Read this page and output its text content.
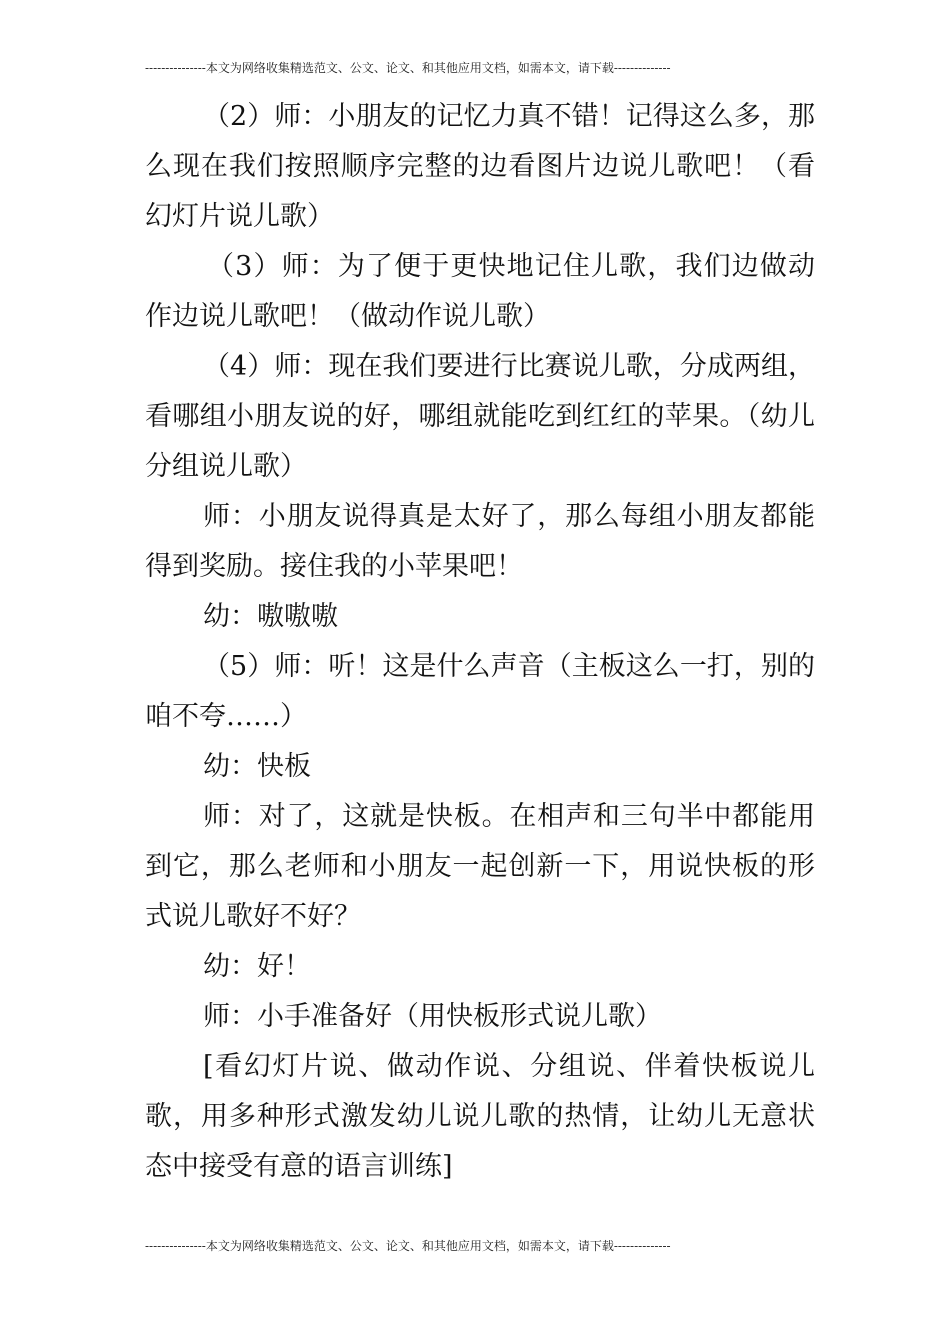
---------------本文为网络收集精选范文、公文、论文、和其他应用文档，如需本文，请下载--------------

（2）师：小朋友的记忆力真不错！记得这么多，那么现在我们按照顺序完整的边看图片边说儿歌吧！（看幻灯片说儿歌）

（3）师：为了便于更快地记住儿歌，我们边做动作边说儿歌吧！（做动作说儿歌）

（4）师：现在我们要进行比赛说儿歌，分成两组，看哪组小朋友说的好，哪组就能吃到红红的苹果。（幼儿分组说儿歌）

师：小朋友说得真是太好了，那么每组小朋友都能得到奖励。接住我的小苹果吧！

幼：嗷嗷嗷

（5）师：听！这是什么声音（主板这么一打，别的咱不夸……）

幼：快板

师：对了，这就是快板。在相声和三句半中都能用到它，那么老师和小朋友一起创新一下，用说快板的形式说儿歌好不好？

幼：好！

师：小手准备好（用快板形式说儿歌）

[看幻灯片说、做动作说、分组说、伴着快板说儿歌，用多种形式激发幼儿说儿歌的热情，让幼儿无意状态中接受有意的语言训练]

---------------本文为网络收集精选范文、公文、论文、和其他应用文档，如需本文，请下载--------------
